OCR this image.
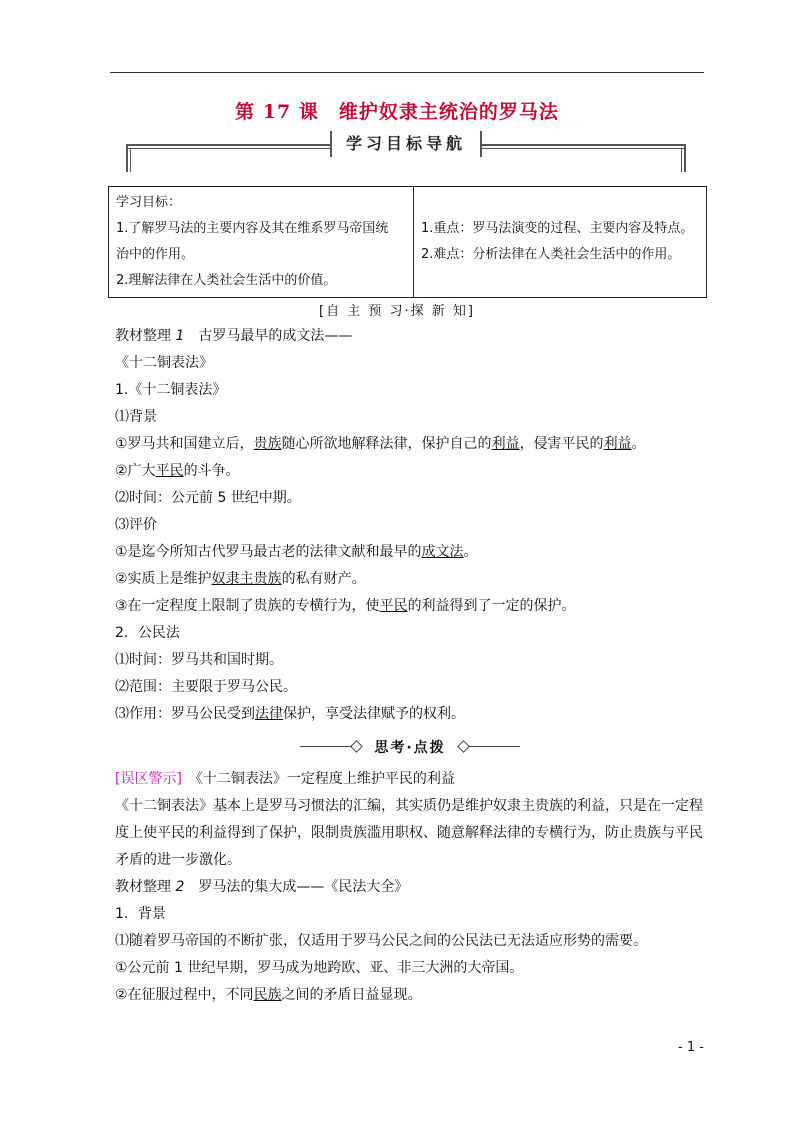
第 17 课　维护奴隶主统治的罗马法
学习目标导航
学习目标：
1.了解罗马法的主要内容及其在维系罗马帝国统
治中的作用。
2.理解法律在人类社会生活中的价值。

1.重点：罗马法演变的过程、主要内容及特点。
2.难点：分析法律在人类社会生活中的作用。
[自 主 预 习·探 新 知]
教材整理 1　古罗马最早的成文法——
《十二铜表法》
1.《十二铜表法》
⑴背景
①罗马共和国建立后，贵族随心所欲地解释法律，保护自己的利益，侵害平民的利益。
②广大平民的斗争。
⑵时间：公元前 5 世纪中期。
⑶评价
①是迄今所知古代罗马最古老的法律文献和最早的成文法。
②实质上是维护奴隶主贵族的私有财产。
③在一定程度上限制了贵族的专横行为，使平民的利益得到了一定的保护。
2．公民法
⑴时间：罗马共和国时期。
⑵范围：主要限于罗马公民。
⑶作用：罗马公民受到法律保护，享受法律赋予的权利。
思考·点拨
[误区警示]　《十二铜表法》一定程度上维护平民的利益
《十二铜表法》基本上是罗马习惯法的汇编，其实质仍是维护奴隶主贵族的利益，只是在一定程
度上使平民的利益得到了保护，限制贵族滥用职权、随意解释法律的专横行为，防止贵族与平民
矛盾的进一步激化。
教材整理 2　罗马法的集大成——《民法大全》
1．背景
⑴随着罗马帝国的不断扩张，仅适用于罗马公民之间的公民法已无法适应形势的需要。
①公元前 1 世纪早期，罗马成为地跨欧、亚、非三大洲的大帝国。
②在征服过程中，不同民族之间的矛盾日益显现。
- 1 -
